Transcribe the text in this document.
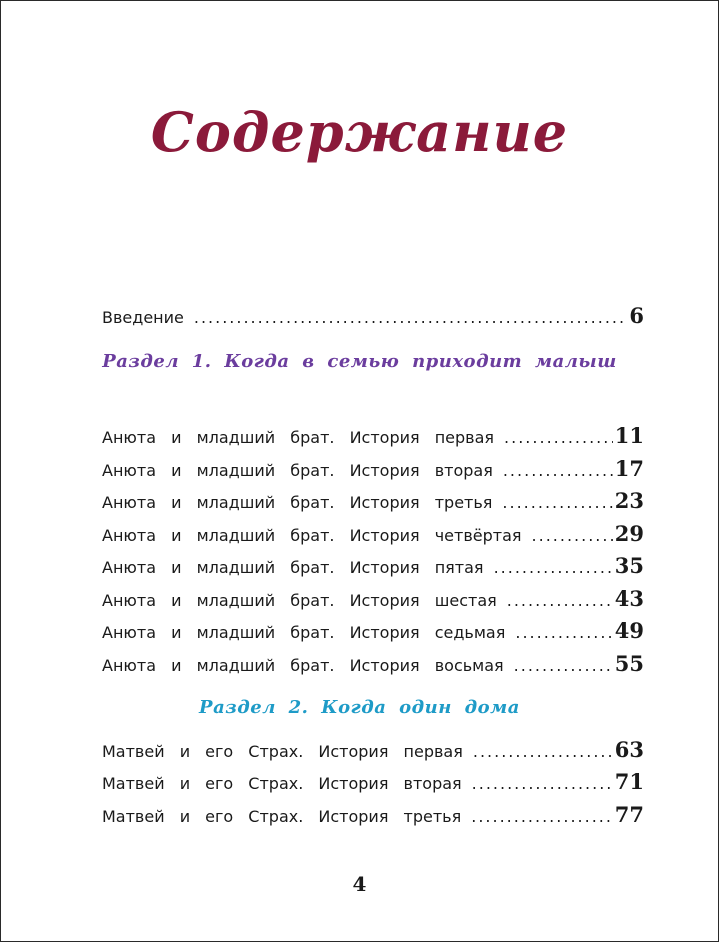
Содержание
Введение .....	6
Раздел 1. Когда в семью приходит малыш
Анюта и младший брат. История первая .....	11
Анюта и младший брат. История вторая .....	17
Анюта и младший брат. История третья .....	23
Анюта и младший брат. История четвёртая .....	29
Анюта и младший брат. История пятая .....	35
Анюта и младший брат. История шестая .....	43
Анюта и младший брат. История седьмая .....	49
Анюта и младший брат. История восьмая .....	55
Раздел 2. Когда один дома
Матвей и его Страх. История первая .....	63
Матвей и его Страх. История вторая .....	71
Матвей и его Страх. История третья .....	77
4
